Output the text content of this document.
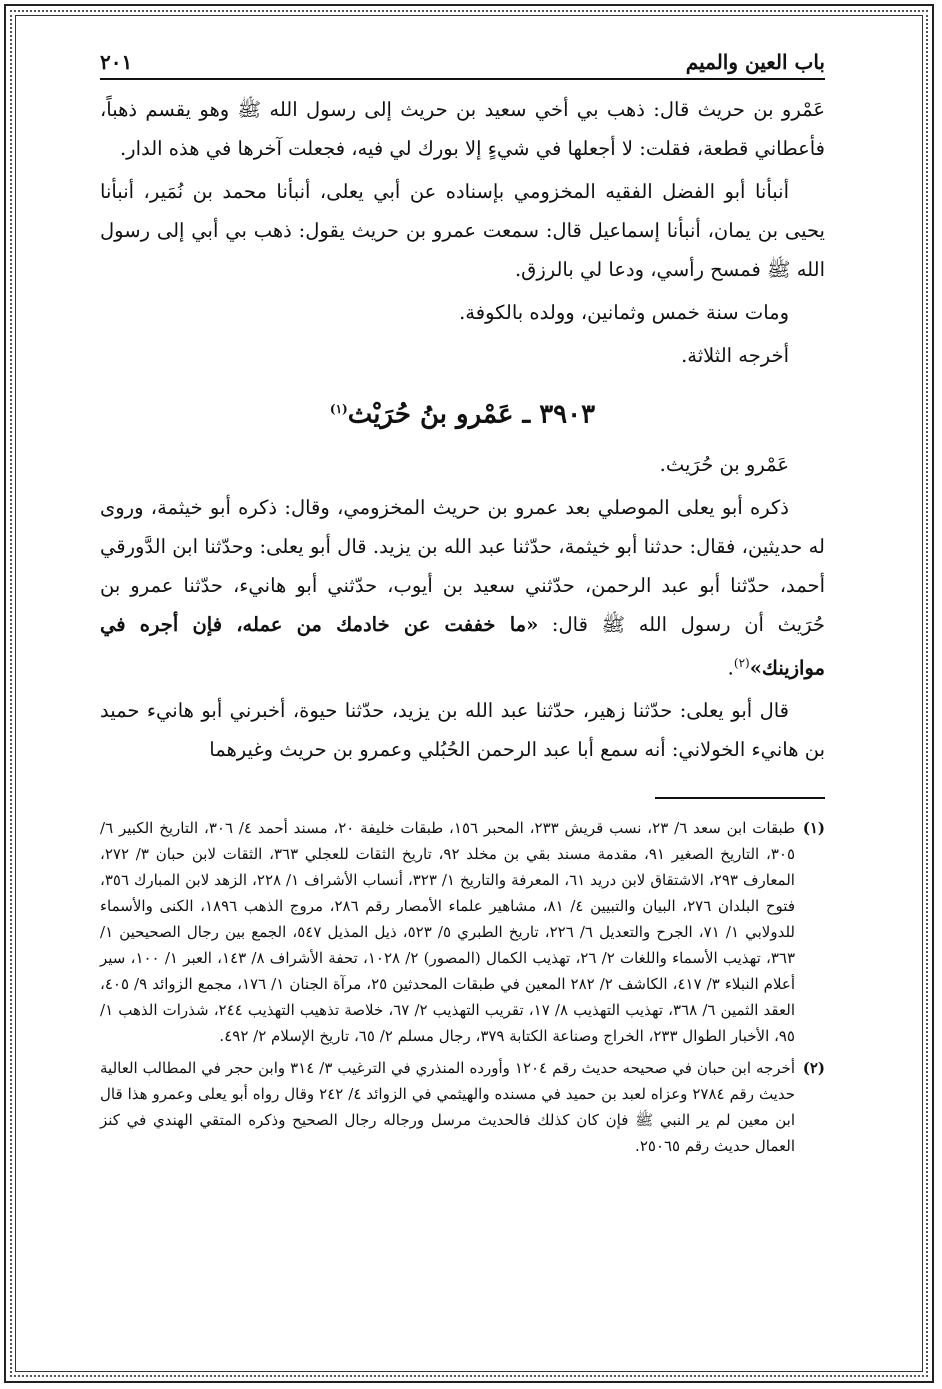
باب العين والميم
٢٠١

عَمْرو بن حريث قال: ذهب بي أخي سعيد بن حريث إلى رسول الله ﷺ وهو يقسم ذهباً، فأعطاني قطعة، فقلت: لا أجعلها في شيءٍ إلا بورك لي فيه، فجعلت آخرها في هذه الدار.

أنبأنا أبو الفضل الفقيه المخزومي بإسناده عن أبي يعلى، أنبأنا محمد بن نُمَير، أنبأنا يحيى بن يمان، أنبأنا إسماعيل قال: سمعت عمرو بن حريث يقول: ذهب بي أبي إلى رسول الله ﷺ فمسح رأسي، ودعا لي بالرزق.

ومات سنة خمس وثمانين، وولده بالكوفة.

أخرجه الثلاثة.

٣٩٠٣ ـ عَمْرو بنُ حُرَيْث$^{(١)}$

عَمْرو بن حُرَيث.

ذكره أبو يعلى الموصلي بعد عمرو بن حريث المخزومي، وقال: ذكره أبو خيثمة، وروى له حديثين، فقال: حدثنا أبو خيثمة، حدّثنا عبد الله بن يزيد. قال أبو يعلى: وحدّثنا ابن الدَّورقي أحمد، حدّثنا أبو عبد الرحمن، حدّثني سعيد بن أيوب، حدّثني أبو هانيء، حدّثنا عمرو بن حُرَيث أن رسول الله ﷺ قال: «ما خففت عن خادمك من عمله، فإن أجره في موازينك»$^{(٢)}$.

قال أبو يعلى: حدّثنا زهير، حدّثنا عبد الله بن يزيد، حدّثنا حيوة، أخبرني أبو هانيء حميد بن هانيء الخولاني: أنه سمع أبا عبد الرحمن الحُبُلي وعمرو بن حريث وغيرهما

(١)
طبقات ابن سعد ٦/ ٢٣، نسب قريش ٢٣٣، المحبر ١٥٦، طبقات خليفة ٢٠، مسند أحمد ٤/ ٣٠٦، التاريخ الكبير ٦/ ٣٠٥، التاريخ الصغير ٩١، مقدمة مسند بقي بن مخلد ٩٢، تاريخ الثقات للعجلي ٣٦٣، الثقات لابن حبان ٣/ ٢٧٢، المعارف ٢٩٣، الاشتقاق لابن دريد ٦١، المعرفة والتاريخ ١/ ٣٢٣، أنساب الأشراف ١/ ٢٢٨، الزهد لابن المبارك ٣٥٦، فتوح البلدان ٢٧٦، البيان والتبيين ٤/ ٨١، مشاهير علماء الأمصار رقم ٢٨٦، مروج الذهب ١٨٩٦، الكنى والأسماء للدولابي ١/ ٧١، الجرح والتعديل ٦/ ٢٢٦، تاريخ الطبري ٥/ ٥٢٣، ذيل المذيل ٥٤٧، الجمع بين رجال الصحيحين ١/ ٣٦٣، تهذيب الأسماء واللغات ٢/ ٢٦، تهذيب الكمال (المصور) ٢/ ١٠٢٨، تحفة الأشراف ٨/ ١٤٣، العبر ١/ ١٠٠، سير أعلام النبلاء ٣/ ٤١٧، الكاشف ٢/ ٢٨٢ المعين في طبقات المحدثين ٢٥، مرآة الجنان ١/ ١٧٦، مجمع الزوائد ٩/ ٤٠٥، العقد الثمين ٦/ ٣٦٨، تهذيب التهذيب ٨/ ١٧، تقريب التهذيب ٢/ ٦٧، خلاصة تذهيب التهذيب ٢٤٤، شذرات الذهب ١/ ٩٥، الأخبار الطوال ٢٣٣، الخراج وصناعة الكتابة ٣٧٩، رجال مسلم ٢/ ٦٥، تاريخ الإسلام ٢/ ٤٩٢.
(٢)
أخرجه ابن حبان في صحيحه حديث رقم ١٢٠٤ وأورده المنذري في الترغيب ٣/ ٣١٤ وابن حجر في المطالب العالية حديث رقم ٢٧٨٤ وعزاه لعبد بن حميد في مسنده والهيثمي في الزوائد ٤/ ٢٤٢ وقال رواه أبو يعلى وعمرو هذا قال ابن معين لم ير النبي ﷺ فإن كان كذلك فالحديث مرسل ورجاله رجال الصحيح وذكره المتقي الهندي في كنز العمال حديث رقم ٢٥٠٦٥.
